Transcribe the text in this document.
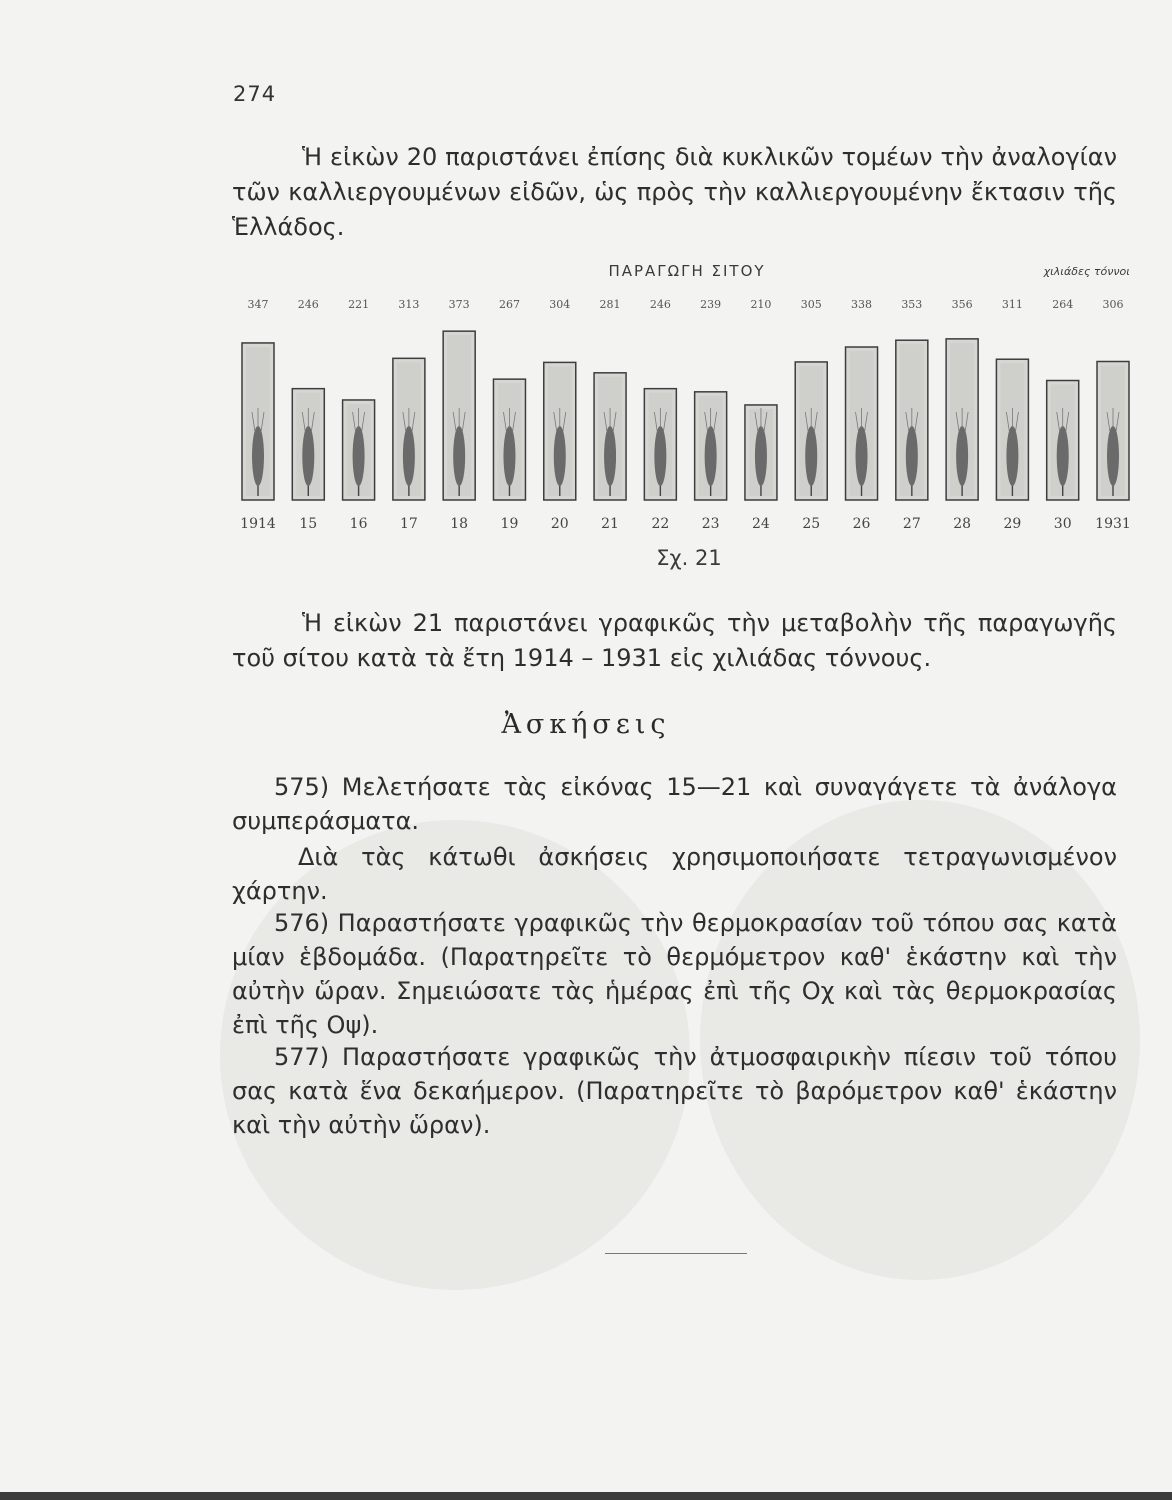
274
Ἡ εἰκὼν 20 παριστάνει ἐπίσης διὰ κυκλικῶν τομέων τὴν ἀναλογίαν τῶν καλλιεργουμένων εἰδῶν, ὡς πρὸς τὴν καλλιεργουμένην ἔκτασιν τῆς Ἑλλάδος.
ΠΑΡΑΓΩΓΗ ΣΙΤΟΥ	χιλιάδες τόννοι
347	246	221	313	373	267	304	281	246	239	210	305	338	353	356	311	264	306
1914 15 16 17 18 19 20 21 22 23 24 25 26 27 28 29 30 1931
Σχ. 21
Ἡ εἰκὼν 21 παριστάνει γραφικῶς τὴν μεταβολὴν τῆς παραγωγῆς τοῦ σίτου κατὰ τὰ ἔτη 1914 – 1931 εἰς χιλιάδας τόννους.
Ἀσκήσεις
575) Μελετήσατε τὰς εἰκόνας 15—21 καὶ συναγάγετε τὰ ἀνάλογα συμπεράσματα.
Διὰ τὰς κάτωθι ἀσκήσεις χρησιμοποιήσατε τετραγωνισμένον χάρτην.
576) Παραστήσατε γραφικῶς τὴν θερμοκρασίαν τοῦ τόπου σας κατὰ μίαν ἑβδομάδα. (Παρατηρεῖτε τὸ θερμόμετρον καθ' ἑκάστην καὶ τὴν αὐτὴν ὥραν. Σημειώσατε τὰς ἡμέρας ἐπὶ τῆς Οχ καὶ τὰς θερμοκρασίας ἐπὶ τῆς Οψ).
577) Παραστήσατε γραφικῶς τὴν ἀτμοσφαιρικὴν πίεσιν τοῦ τόπου σας κατὰ ἕνα δεκαήμερον. (Παρατηρεῖτε τὸ βαρόμετρον καθ' ἑκάστην καὶ τὴν αὐτὴν ὥραν).
